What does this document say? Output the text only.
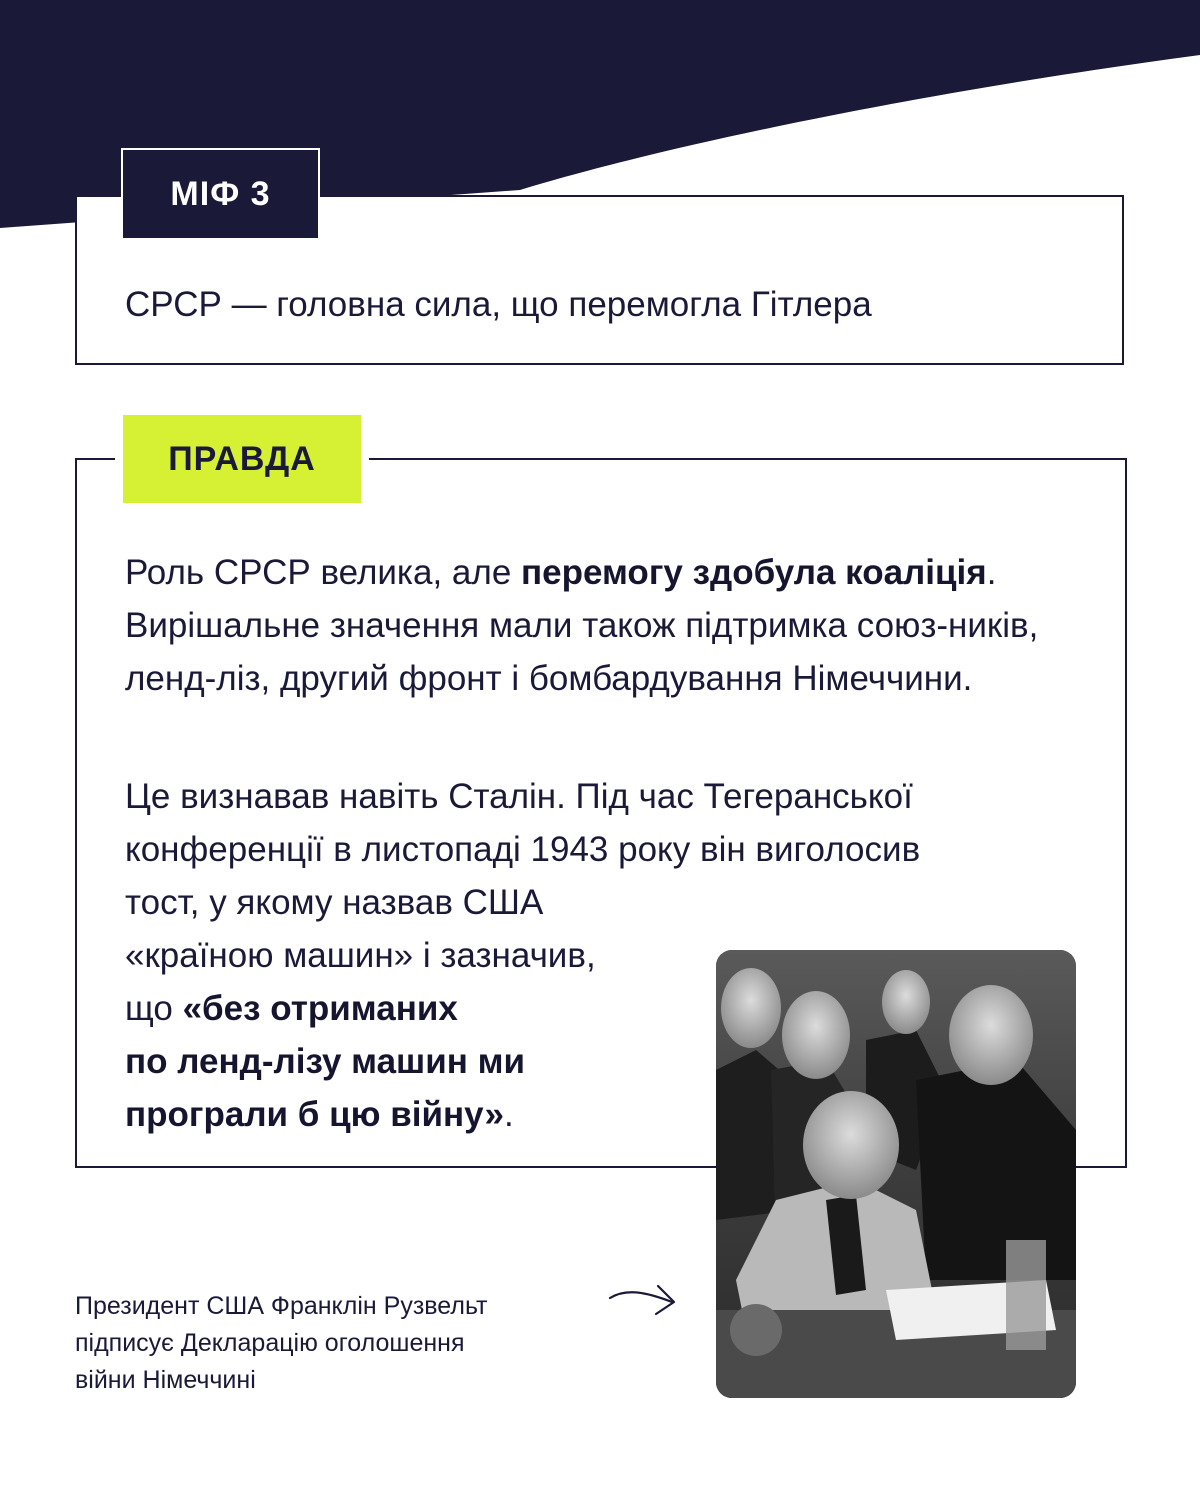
МІФ 3
СРСР — головна сила, що перемогла Гітлера
ПРАВДА

Роль СРСР велика, але перемогу здобула коаліція. Вирішальне значення мали також підтримка союз-ників, ленд-ліз, другий фронт і бомбардування Німеччини.

Це визнавав навіть Сталін. Під час Тегеранської
конференції в листопаді 1943 року він виголосив
тост, у якому назвав США
«країною машин» і зазначив,
що «без отриманих
по ленд-лізу машин ми
програли б цю війну».

Президент США Франклін Рузвельт
підписує Декларацію оголошення
війни Німеччині
